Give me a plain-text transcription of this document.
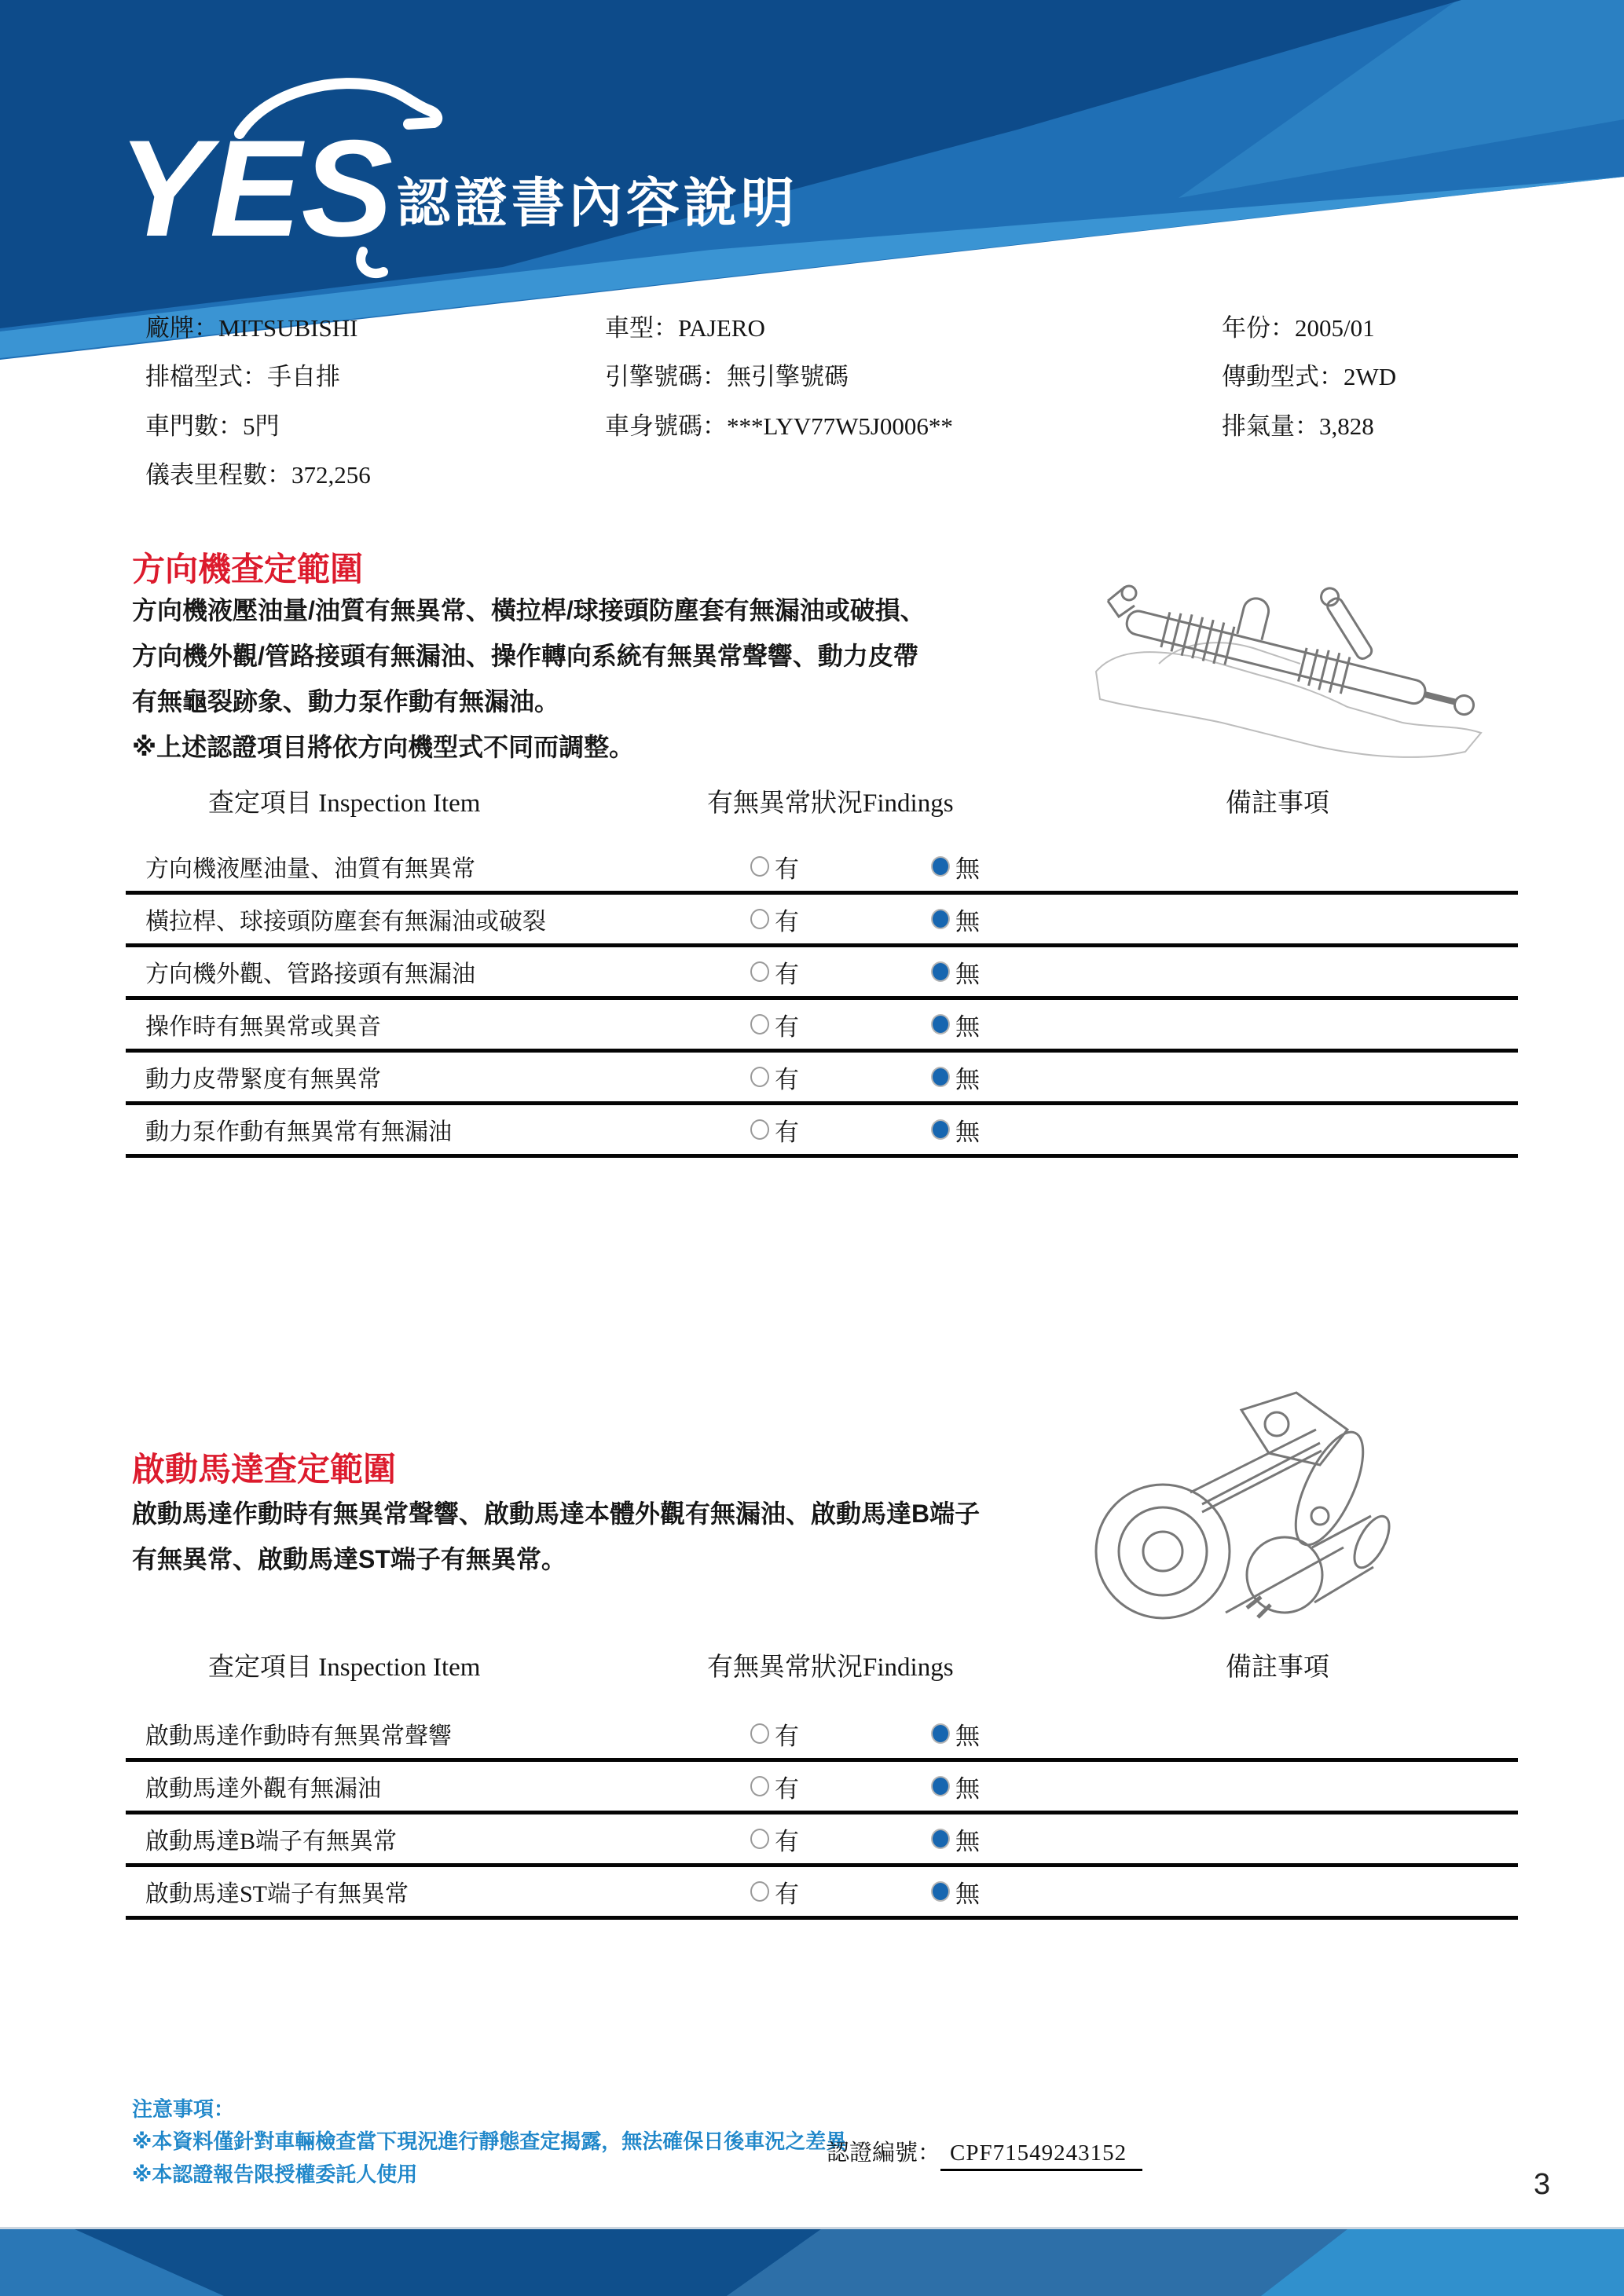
YES 認證書內容說明
廠牌：MITSUBISHI
排檔型式：手自排
車門數：5門
儀表里程數：372,256
車型：PAJERO
引擎號碼：無引擎號碼
車身號碼：***LYV77W5J0006**
年份：2005/01
傳動型式：2WD
排氣量：3,828
方向機查定範圍
方向機液壓油量/油質有無異常、橫拉桿/球接頭防塵套有無漏油或破損、
方向機外觀/管路接頭有無漏油、操作轉向系統有無異常聲響、動力皮帶
有無龜裂跡象、動力泵作動有無漏油。
※上述認證項目將依方向機型式不同而調整。
查定項目 Inspection Item	有無異常狀況Findings	備註事項
方向機液壓油量、油質有無異常	有	無
橫拉桿、球接頭防塵套有無漏油或破裂	有	無
方向機外觀、管路接頭有無漏油	有	無
操作時有無異常或異音	有	無
動力皮帶緊度有無異常	有	無
動力泵作動有無異常有無漏油	有	無
啟動馬達查定範圍
啟動馬達作動時有無異常聲響、啟動馬達本體外觀有無漏油、啟動馬達B端子
有無異常、啟動馬達ST端子有無異常。
查定項目 Inspection Item	有無異常狀況Findings	備註事項
啟動馬達作動時有無異常聲響	有	無
啟動馬達外觀有無漏油	有	無
啟動馬達B端子有無異常	有	無
啟動馬達ST端子有無異常	有	無
注意事項：
※本資料僅針對車輛檢查當下現況進行靜態查定揭露，無法確保日後車況之差異
※本認證報告限授權委託人使用
認證編號： CPF71549243152
3
